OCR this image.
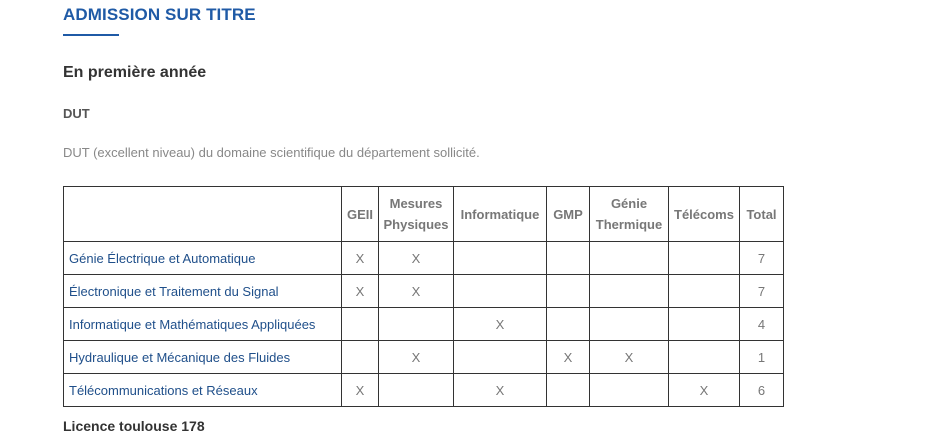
ADMISSION SUR TITRE
En première année
DUT

DUT (excellent niveau) du domaine scientifique du département sollicité.

	GEII	Mesures Physiques	Informatique	GMP	Génie Thermique	Télécoms	Total
Génie Électrique et Automatique	X	X					7
Électronique et Traitement du Signal	X	X					7
Informatique et Mathématiques Appliquées			X				4
Hydraulique et Mécanique des Fluides		X		X	X		1
Télécommunications et Réseaux	X		X			X	6
Licence toulouse 178
